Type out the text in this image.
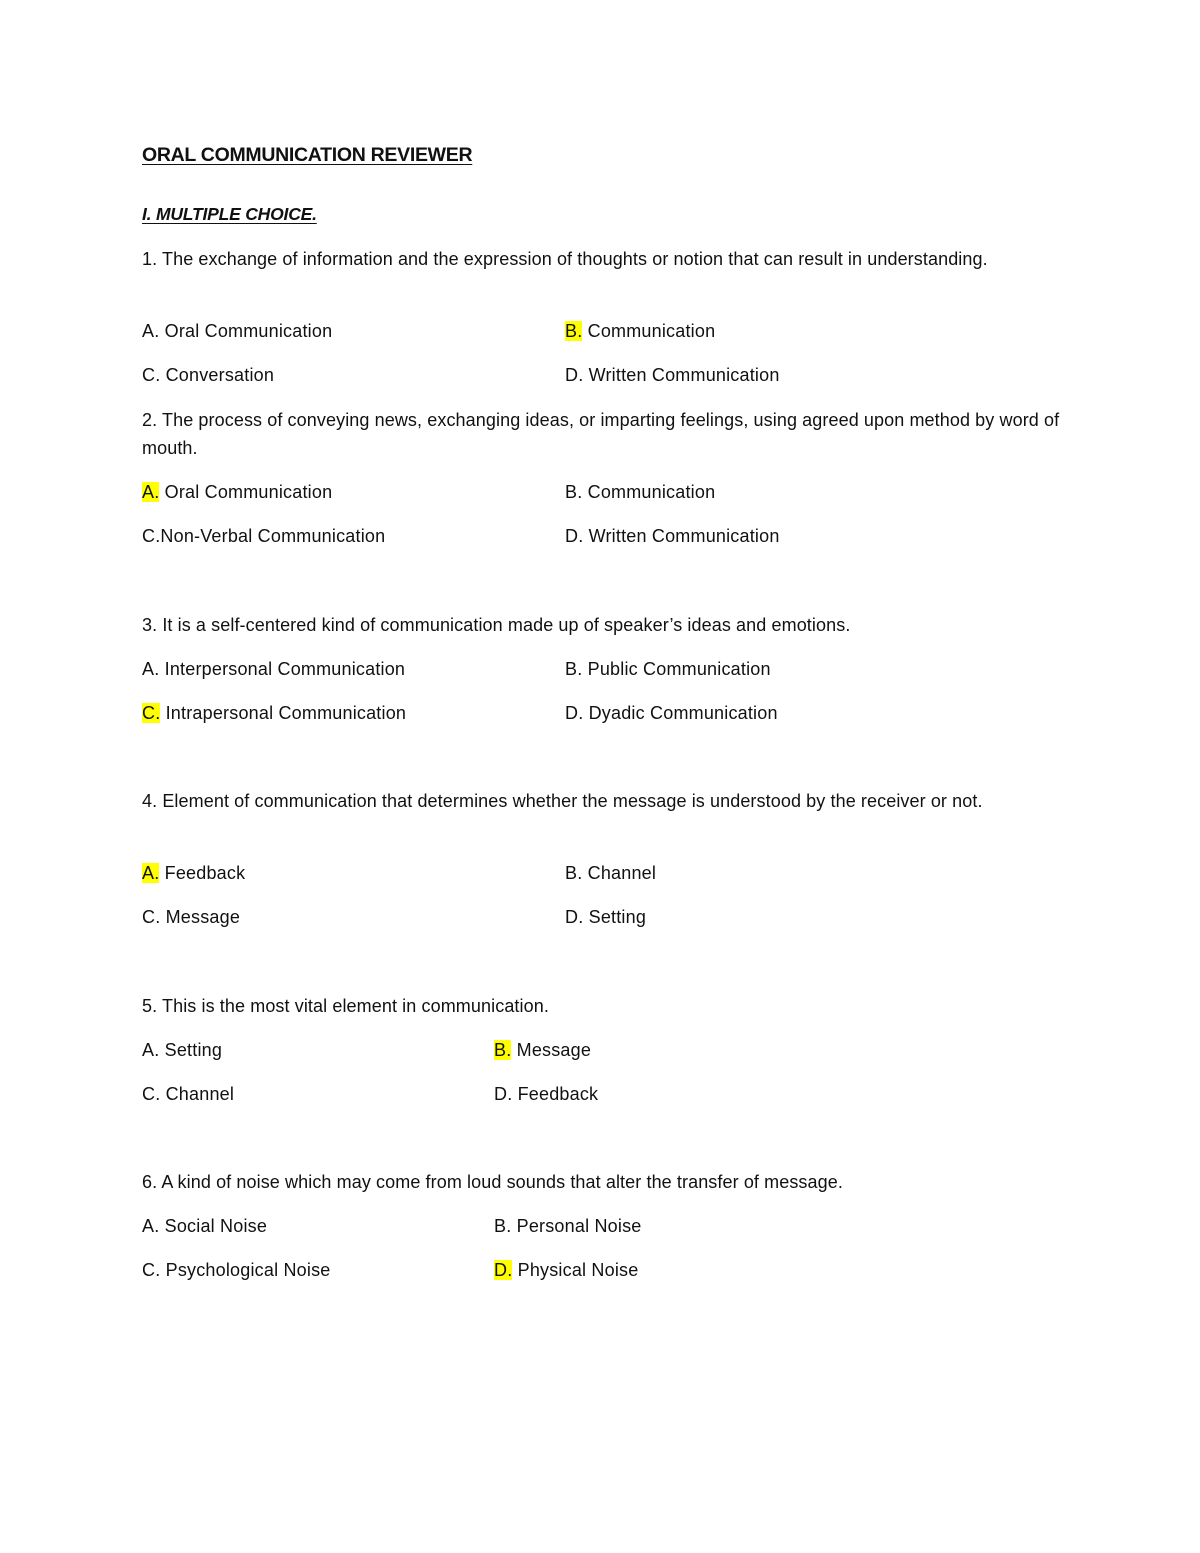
ORAL COMMUNICATION REVIEWER
I. MULTIPLE CHOICE.
1. The exchange of information and the expression of thoughts or notion that can result in understanding.
A. Oral Communication	B. Communication
C. Conversation	D. Written Communication
2. The process of conveying news, exchanging ideas, or imparting feelings, using agreed upon method by word of mouth.
A. Oral Communication	B. Communication
C.Non-Verbal Communication	D. Written Communication
3. It is a self-centered kind of communication made up of speaker’s ideas and emotions.
A. Interpersonal Communication	B. Public Communication
C. Intrapersonal Communication	D. Dyadic Communication
4. Element of communication that determines whether the message is understood by the receiver or not.
A. Feedback	B. Channel
C. Message	D. Setting
5. This is the most vital element in communication.
A. Setting	B. Message
C. Channel	D. Feedback
6. A kind of noise which may come from loud sounds that alter the transfer of message.
A. Social Noise	B. Personal Noise
C. Psychological Noise	D. Physical Noise
